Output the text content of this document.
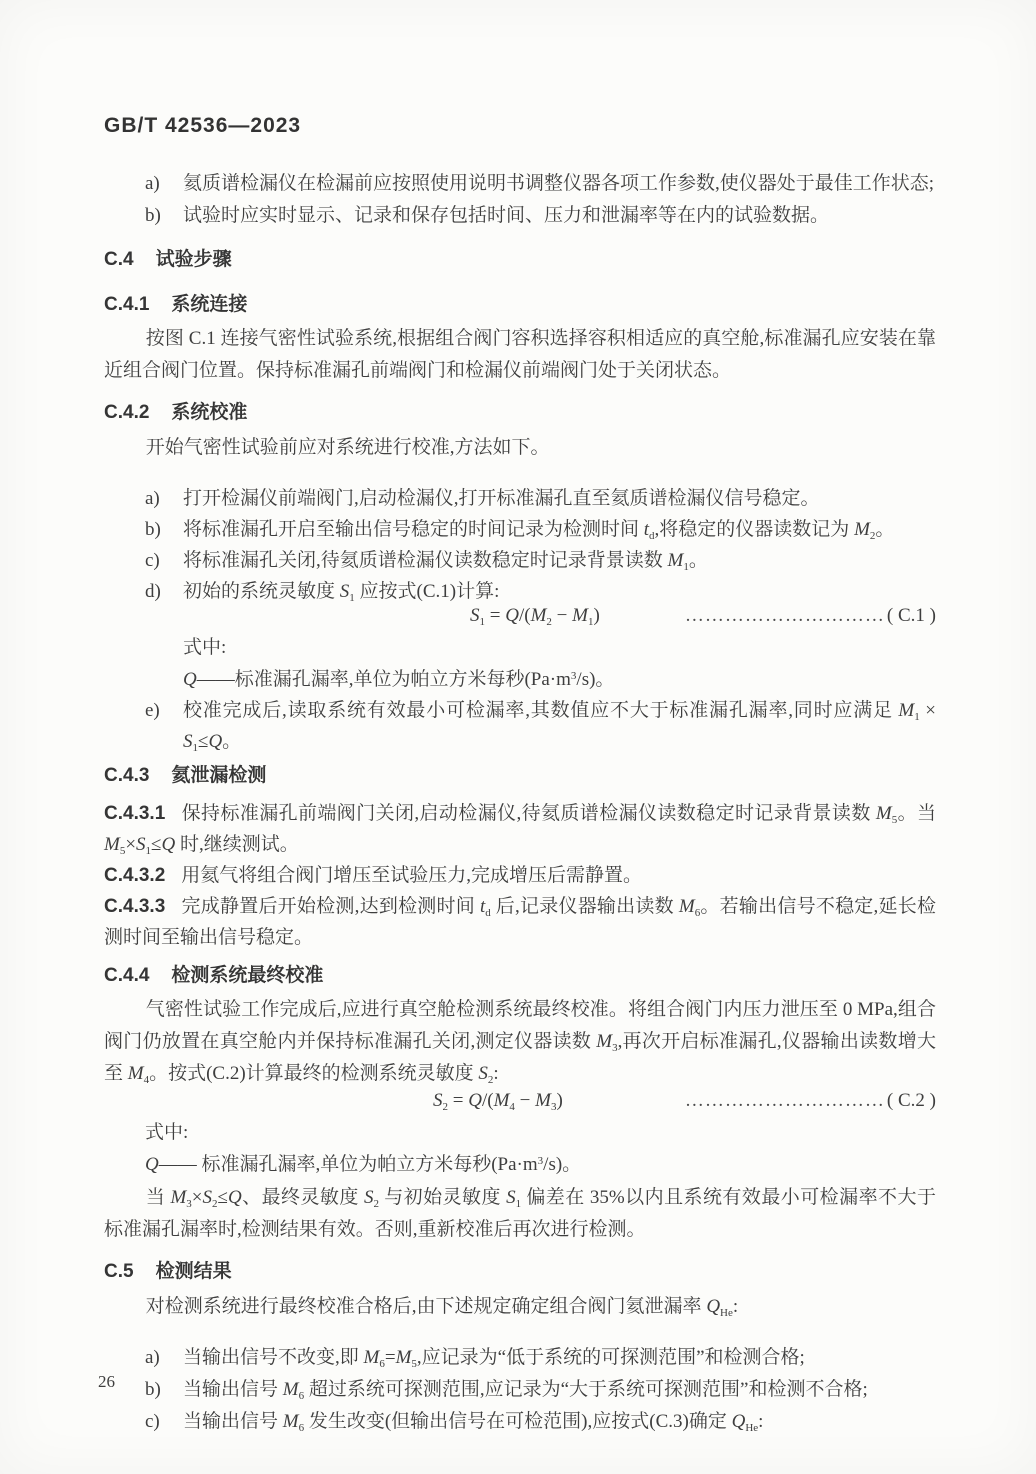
GB/T 42536—2023
a)	氦质谱检漏仪在检漏前应按照使用说明书调整仪器各项工作参数,使仪器处于最佳工作状态;
b)	试验时应实时显示、记录和保存包括时间、压力和泄漏率等在内的试验数据。
C.4 试验步骤
C.4.1 系统连接

按图 C.1 连接气密性试验系统,根据组合阀门容积选择容积相适应的真空舱,标准漏孔应安装在靠近组合阀门位置。保持标准漏孔前端阀门和检漏仪前端阀门处于关闭状态。

C.4.2 系统校准

开始气密性试验前应对系统进行校准,方法如下。

a)	打开检漏仪前端阀门,启动检漏仪,打开标准漏孔直至氦质谱检漏仪信号稳定。
b)	将标准漏孔开启至输出信号稳定的时间记录为检测时间 $t_d$,将稳定的仪器读数记为 $M_2$。
c)	将标准漏孔关闭,待氦质谱检漏仪读数稳定时记录背景读数 $M_1$。
d)	初始的系统灵敏度 $S_1$ 应按式(C.1)计算:
$S_1 = Q/(M_2 - M_1)$	………………………… ( C.1 )
式中:
Q——标准漏孔漏率,单位为帕立方米每秒$(Pa\cdot m^3/s)$。
e)	校准完成后,读取系统有效最小可检漏率,其数值应不大于标准漏孔漏率,同时应满足 $M_1 \times S_1\le Q$。
C.4.3 氦泄漏检测

C.4.3.1 保持标准漏孔前端阀门关闭,启动检漏仪,待氦质谱检漏仪读数稳定时记录背景读数 $M_5$。当 $M_5\times S_1\le Q$ 时,继续测试。

C.4.3.2 用氦气将组合阀门增压至试验压力,完成增压后需静置。

C.4.3.3 完成静置后开始检测,达到检测时间 $t_d$ 后,记录仪器输出读数 $M_6$。若输出信号不稳定,延长检测时间至输出信号稳定。

C.4.4 检测系统最终校准

气密性试验工作完成后,应进行真空舱检测系统最终校准。将组合阀门内压力泄压至 0 MPa,组合阀门仍放置在真空舱内并保持标准漏孔关闭,测定仪器读数 $M_3$,再次开启标准漏孔,仪器输出读数增大至 $M_4$。按式(C.2)计算最终的检测系统灵敏度 $S_2$:

$S_2 = Q/(M_4 - M_3)$	………………………… ( C.2 )
式中:
Q—— 标准漏孔漏率,单位为帕立方米每秒$(Pa\cdot m^3/s)$。

当 $M_3\times S_2\le Q$、最终灵敏度 $S_2$ 与初始灵敏度 $S_1$ 偏差在 35%以内且系统有效最小可检漏率不大于标准漏孔漏率时,检测结果有效。否则,重新校准后再次进行检测。

C.5 检测结果

对检测系统进行最终校准合格后,由下述规定确定组合阀门氦泄漏率 $Q_{He}$:

a)	当输出信号不改变,即 $M_6=M_5$,应记录为“低于系统的可探测范围”和检测合格;
b)	当输出信号 $M_6$ 超过系统可探测范围,应记录为“大于系统可探测范围”和检测不合格;
c)	当输出信号 $M_6$ 发生改变(但输出信号在可检范围),应按式(C.3)确定 $Q_{He}$:
26
